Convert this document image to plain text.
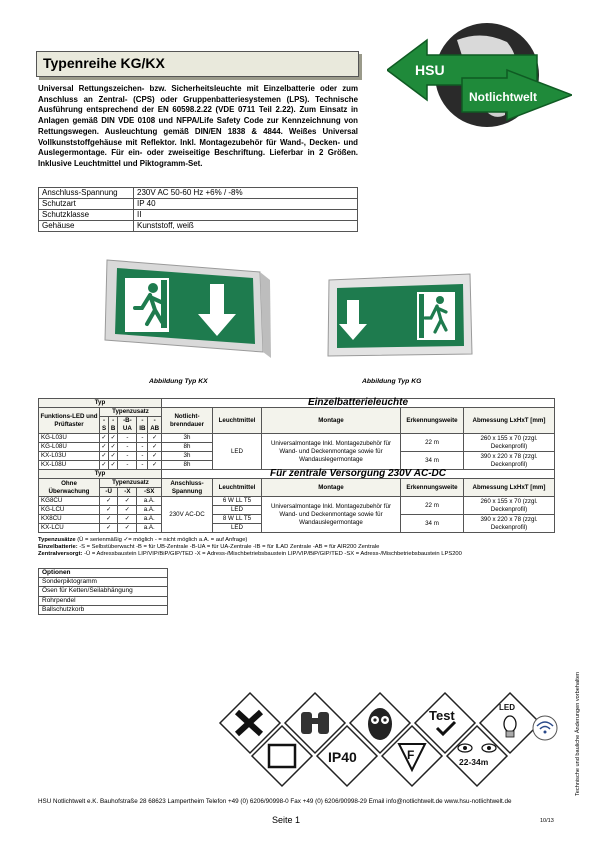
Typenreihe KG/KX	HSU
Notlichtwelt
Universal Rettungszeichen- bzw. Sicherheitsleuchte mit Einzelbatterie oder zum Anschluss an Zentral- (CPS) oder Gruppenbatteriesystemen (LPS). Technische Ausführung entsprechend der EN 60598.2.22 (VDE 0711 Teil 2.22). Zum Einsatz in Anlagen gemäß DIN VDE 0108 und NFPA/Life Safety Code zur Kennzeichnung von Rettungswegen. Ausleuchtung gemäß DIN/EN 1838 & 4844. Weißes Universal Vollkunststoffgehäuse mit Reflektor. Inkl. Montagezubehör für Wand-, Decken- und Auslegermontage. Für ein- oder zweiseitige Beschriftung. Lieferbar in 2 Größen. Inklusive Leuchtmittel und Piktogramm-Set.
Anschluss-Spannung	230V AC 50-60 Hz +6% / -8%
Schutzart	IP 40
Schutzklasse	II
Gehäuse	Kunststoff, weiß
Abbildung Typ KX	Abbildung Typ KG
Typ						Einzelbatterieleuchte				
Funktions-LED und Prüftaster	Typenzusatz					Notlicht-brenndauer	Leuchtmittel	Montage	Erkennungsweite	Abmessung LxHxT [mm]
	-S	-B	-B-UA	-IB	-AB					
KG-L03U	✓	✓	-	-	✓	3h	LED	Universalmontage Inkl. Montagezubehör für Wand- und Deckenmontage sowie für Wandauslegermontage	22 m	260 x 155 x 70 (zzgl. Deckenprofil)
KG-L08U	✓	✓	-	-	✓	8h				
KX-L03U	✓	✓	-	-	✓	3h			34 m	390 x 220 x 78 (zzgl. Deckenprofil)
KX-L08U	✓	✓	-	-	✓	8h				
Typ						Für zentrale Versorgung 230V AC-DC				
Ohne Überwachung	Typenzusatz					Anschluss-Spannung	Leuchtmittel	Montage	Erkennungsweite	Abmessung LxHxT [mm]
	-Ü		-X	-SX						
KG8CU	✓		✓	a.A.		230V AC-DC	6 W LL T5	Universalmontage Inkl. Montagezubehör für Wand- und Deckenmontage sowie für Wandauslegermontage	22 m	260 x 155 x 70 (zzgl. Deckenprofil)
KG-LCU	✓		✓	a.A.			LED			
KX8CU	✓		✓	a.A.			8 W LL T5		34 m	390 x 220 x 78 (zzgl. Deckenprofil)
KX-LCU	✓		✓	a.A.			LED			
Typenzusätze (Ü = serienmäßig ✓= möglich - = nicht möglich a.A. = auf Anfrage)
Einzelbatterie: -S = Selbstüberwacht -B = für UB-Zentrale -B-UA = für UA-Zentrale -IB = für ILAD Zentrale -AB = für AIR200 Zentrale
Zentralversorgt: -Ü = Adressbaustein LIP/VIP/BiP/GIP/TED -X = Adress-/Mischbetriebsbaustein LIP/VIP/BiP/GIP/TED -SX = Adress-/Mischbetriebsbaustein LPS200
Optionen
Sonderpiktogramm
Ösen für Ketten/Seilabhängung
Rohrpendel
Ballschutzkorb
Technische und bauliche Änderungen vorbehalten
Test
LED
IP40	F	22-34m
HSU Notlichtwelt e.K. Bauhofstraße 28 68623 Lampertheim Telefon +49 (0) 6206/90998-0 Fax +49 (0) 6206/90998-29 Email info@notlichtwelt.de www.hsu-notlichtwelt.de
Seite 1	10/13
